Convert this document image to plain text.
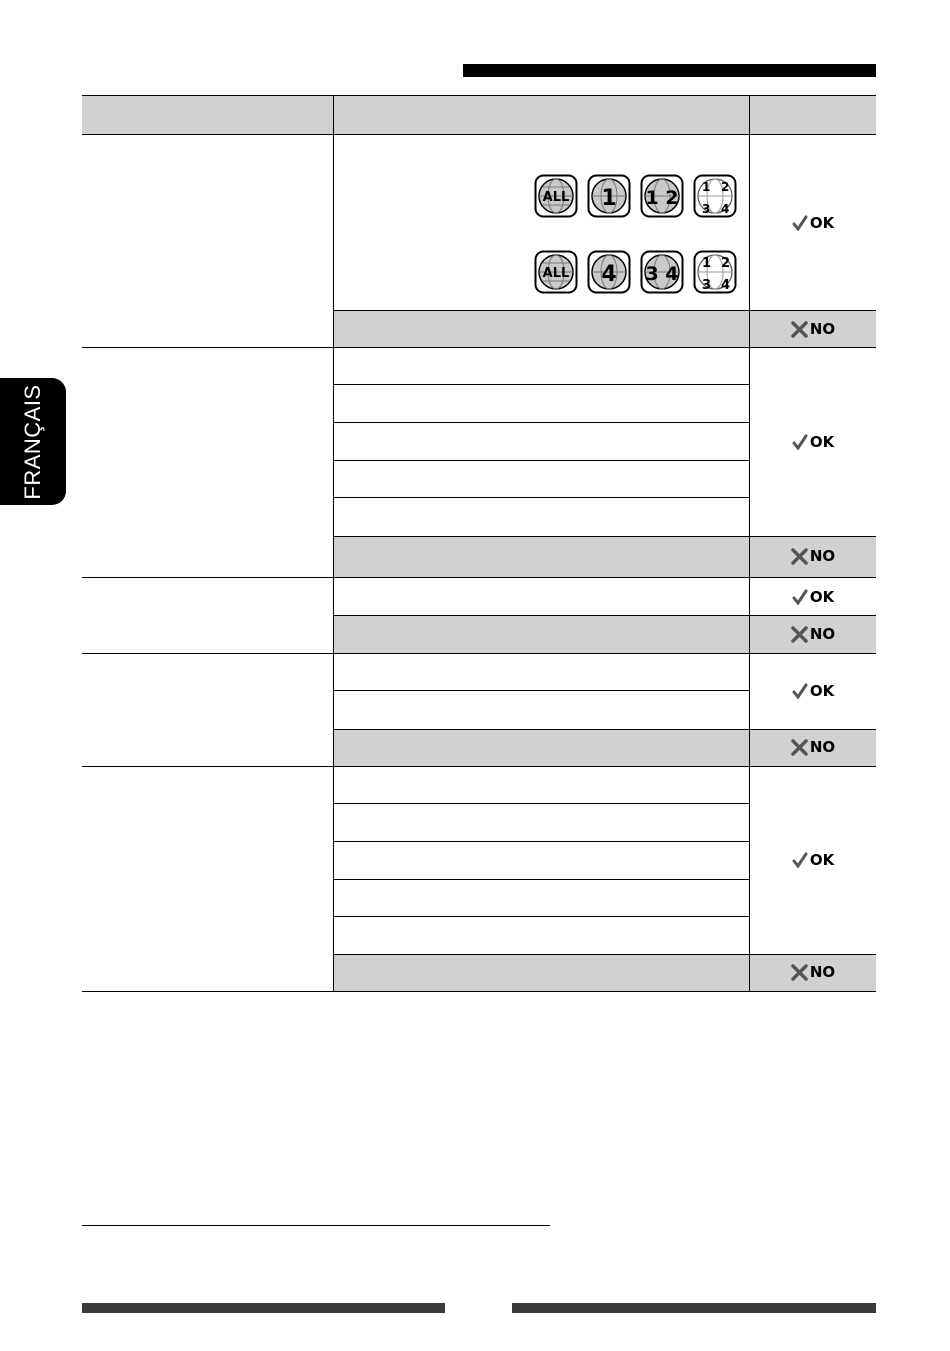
FRANÇAIS
ALL 1 1 2 1 2
3 4
ALL 4 3 4 1 2
3 4
OK
NO
OK
NO
OK
NO
OK
NO
OK
NO
